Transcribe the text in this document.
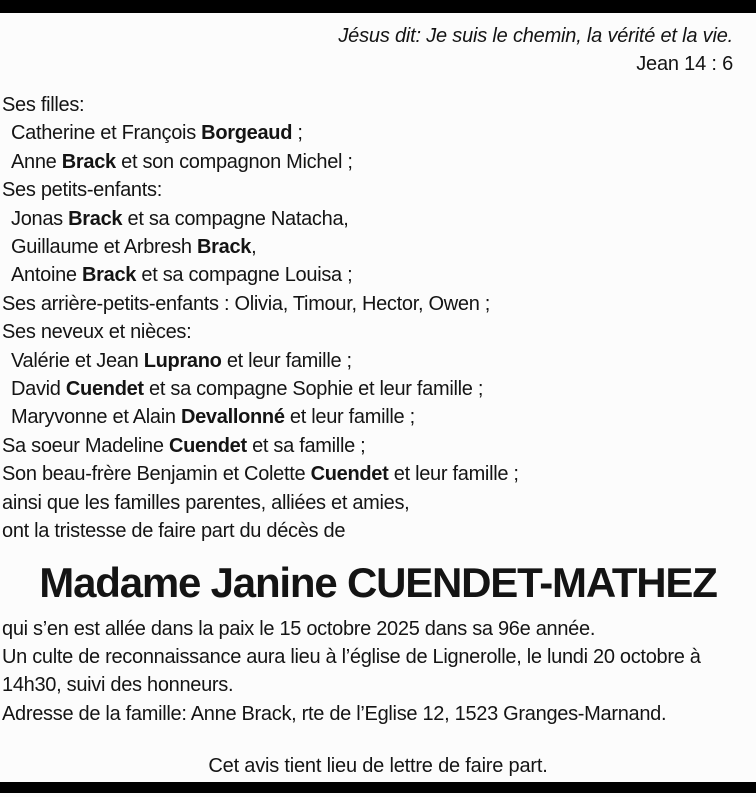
Jésus dit: Je suis le chemin, la vérité et la vie.
Jean 14 : 6
Ses filles:
Catherine et François Borgeaud ;
Anne Brack et son compagnon Michel ;
Ses petits-enfants:
Jonas Brack et sa compagne Natacha,
Guillaume et Arbresh Brack,
Antoine Brack et sa compagne Louisa ;
Ses arrière-petits-enfants : Olivia, Timour, Hector, Owen ;
Ses neveux et nièces:
Valérie et Jean Luprano et leur famille ;
David Cuendet et sa compagne Sophie et leur famille ;
Maryvonne et Alain Devallonné et leur famille ;
Sa soeur Madeline Cuendet et sa famille ;
Son beau-frère Benjamin et Colette Cuendet et leur famille ;
ainsi que les familles parentes, alliées et amies,
ont la tristesse de faire part du décès de
Madame Janine CUENDET-MATHEZ
qui s’en est allée dans la paix le 15 octobre 2025 dans sa 96e année.
Un culte de reconnaissance aura lieu à l’église de Lignerolle, le lundi 20 octobre à 14h30, suivi des honneurs.
Adresse de la famille: Anne Brack, rte de l’Eglise 12, 1523 Granges-Marnand.
Cet avis tient lieu de lettre de faire part.
